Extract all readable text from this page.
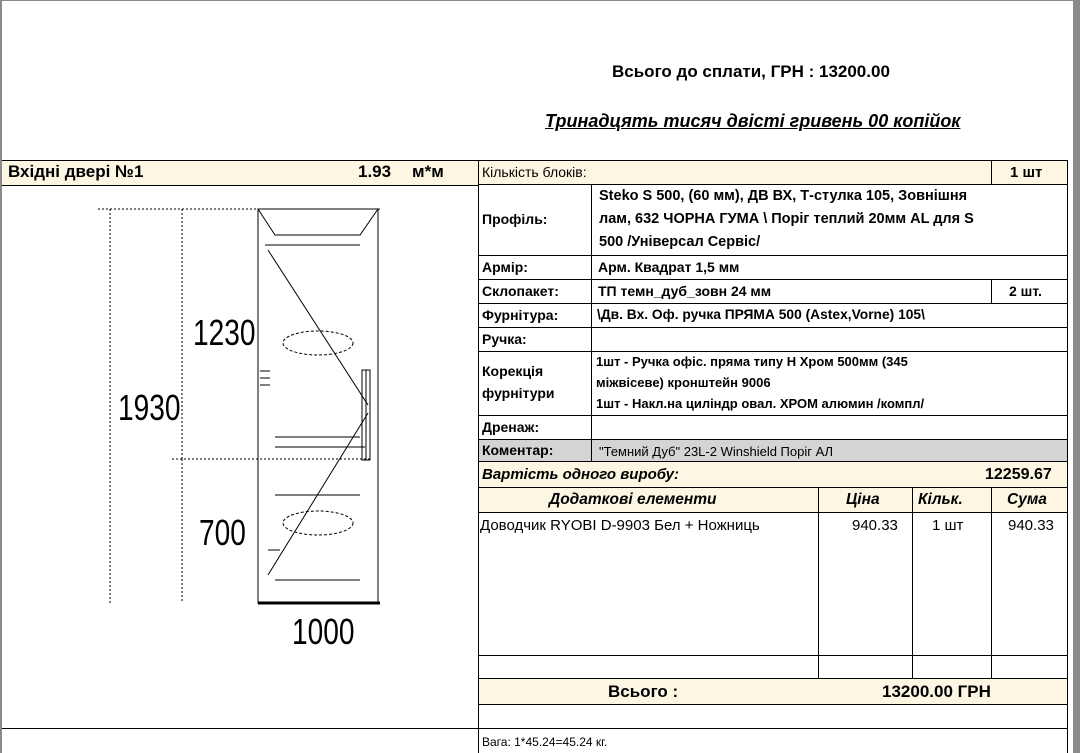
Всього до сплати, ГРН : 13200.00
Тринадцять тисяч двісті гривень 00 копійок
Вхідні двері №1	1.93 м*м
1230
1930
700
1000
Кількість блоків:	1 шт
Профіль:
Steko S 500, (60 мм), ДВ ВХ, Т-стулка 105, Зовнішня
лам, 632 ЧОРНА ГУМА \ Поріг теплий 20мм AL для S
500 /Універсал Сервіс/
Армір:	Арм. Квадрат 1,5 мм
Склопакет:	ТП темн_дуб_зовн 24 мм	2 шт.
Фурнітура:	\Дв. Вх. Оф. ручка ПРЯМА 500 (Astex,Vorne) 105\
Ручка:
Корекція
фурнітури
1шт - Ручка офіс. пряма типу Н Хром 500мм (345
міжвісеве) кронштейн 9006
1шт - Накл.на циліндр овал. ХРОМ алюмин /компл/
Дренаж:
Коментар:	"Темний Дуб" 23L-2 Winshield Поріг АЛ
Вартість одного виробу:	12259.67
Додаткові елементи	Ціна Кільк.	Сума
Доводчик RYOBI D-9903 Бел + Ножниць	940.33 1 шт	940.33
Всього :	13200.00 ГРН
Вага: 1*45.24=45.24 кг.
